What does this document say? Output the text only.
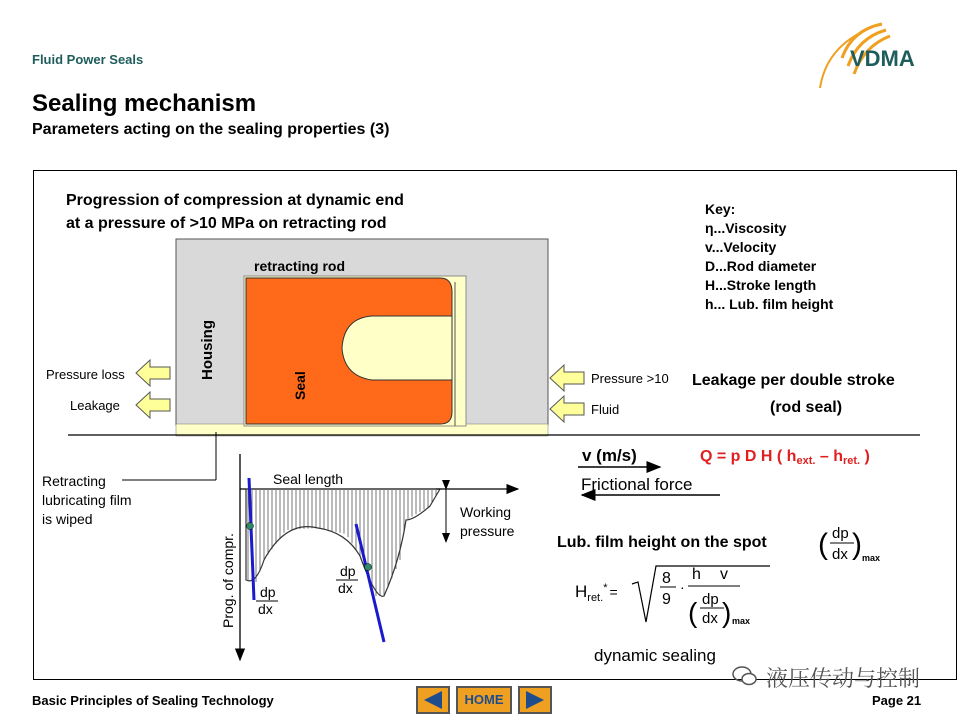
Fluid Power Seals
Sealing mechanism
Parameters acting on the sealing properties (3)
VDMA
Progression of compression at dynamic end
at a pressure of >10 MPa on retracting rod
Key:
η...Viscosity
v...Velocity
D...Rod diameter
H...Stroke length
h... Lub. film height
Housing
Seal
retracting rod
Pressure loss
Leakage
Pressure >10
Fluid
Leakage per double stroke
(rod seal)
v (m/s)
Frictional force
Q = p D H ( hext. – hret. )
Retracting
lubricating film
is wiped
Seal length
Prog. of compr.
Working
pressure
dp
dx
dp
dx
Lub. film height on the spot ( dp
dx ) max
$H_{ret.}^*$ $_=$
8
9
·
h v
( dp
dx ) max
dynamic sealing
液压传动与控制
Basic Principles of Sealing Technology	HOME	Page 21
